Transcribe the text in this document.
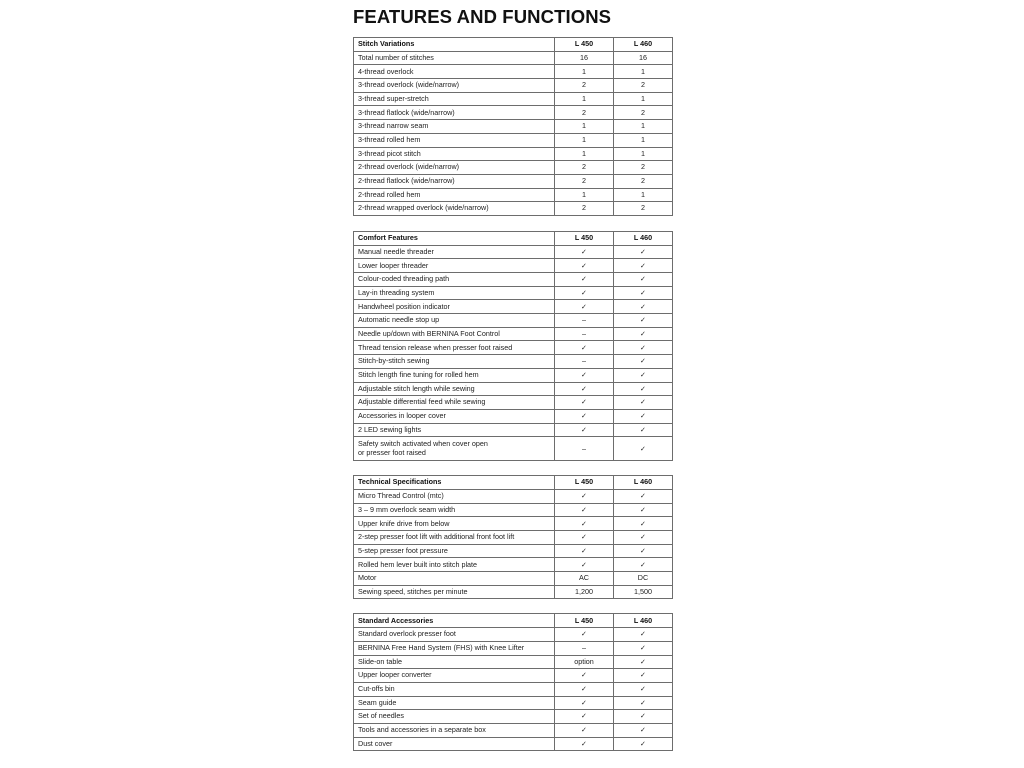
FEATURES AND FUNCTIONS
Stitch Variations	L 450	L 460
Total number of stitches	16	16
4-thread overlock	1	1
3-thread overlock (wide/narrow)	2	2
3-thread super-stretch	1	1
3-thread flatlock (wide/narrow)	2	2
3-thread narrow seam	1	1
3-thread rolled hem	1	1
3-thread picot stitch	1	1
2-thread overlock (wide/narrow)	2	2
2-thread flatlock (wide/narrow)	2	2
2-thread rolled hem	1	1
2-thread wrapped overlock (wide/narrow)	2	2
Comfort Features	L 450	L 460
Manual needle threader	✓	✓
Lower looper threader	✓	✓
Colour-coded threading path	✓	✓
Lay-in threading system	✓	✓
Handwheel position indicator	✓	✓
Automatic needle stop up	–	✓
Needle up/down with BERNINA Foot Control	–	✓
Thread tension release when presser foot raised	✓	✓
Stitch-by-stitch sewing	–	✓
Stitch length fine tuning for rolled hem	✓	✓
Adjustable stitch length while sewing	✓	✓
Adjustable differential feed while sewing	✓	✓
Accessories in looper cover	✓	✓
2 LED sewing lights	✓	✓
Safety switch activated when cover open
or presser foot raised	–	✓
Technical Specifications	L 450	L 460
Micro Thread Control (mtc)	✓	✓
3 – 9 mm overlock seam width	✓	✓
Upper knife drive from below	✓	✓
2-step presser foot lift with additional front foot lift	✓	✓
5-step presser foot pressure	✓	✓
Rolled hem lever built into stitch plate	✓	✓
Motor	AC	DC
Sewing speed, stitches per minute	1,200	1,500
Standard Accessories	L 450	L 460
Standard overlock presser foot	✓	✓
BERNINA Free Hand System (FHS) with Knee Lifter	–	✓
Slide-on table	option	✓
Upper looper converter	✓	✓
Cut-offs bin	✓	✓
Seam guide	✓	✓
Set of needles	✓	✓
Tools and accessories in a separate box	✓	✓
Dust cover	✓	✓
